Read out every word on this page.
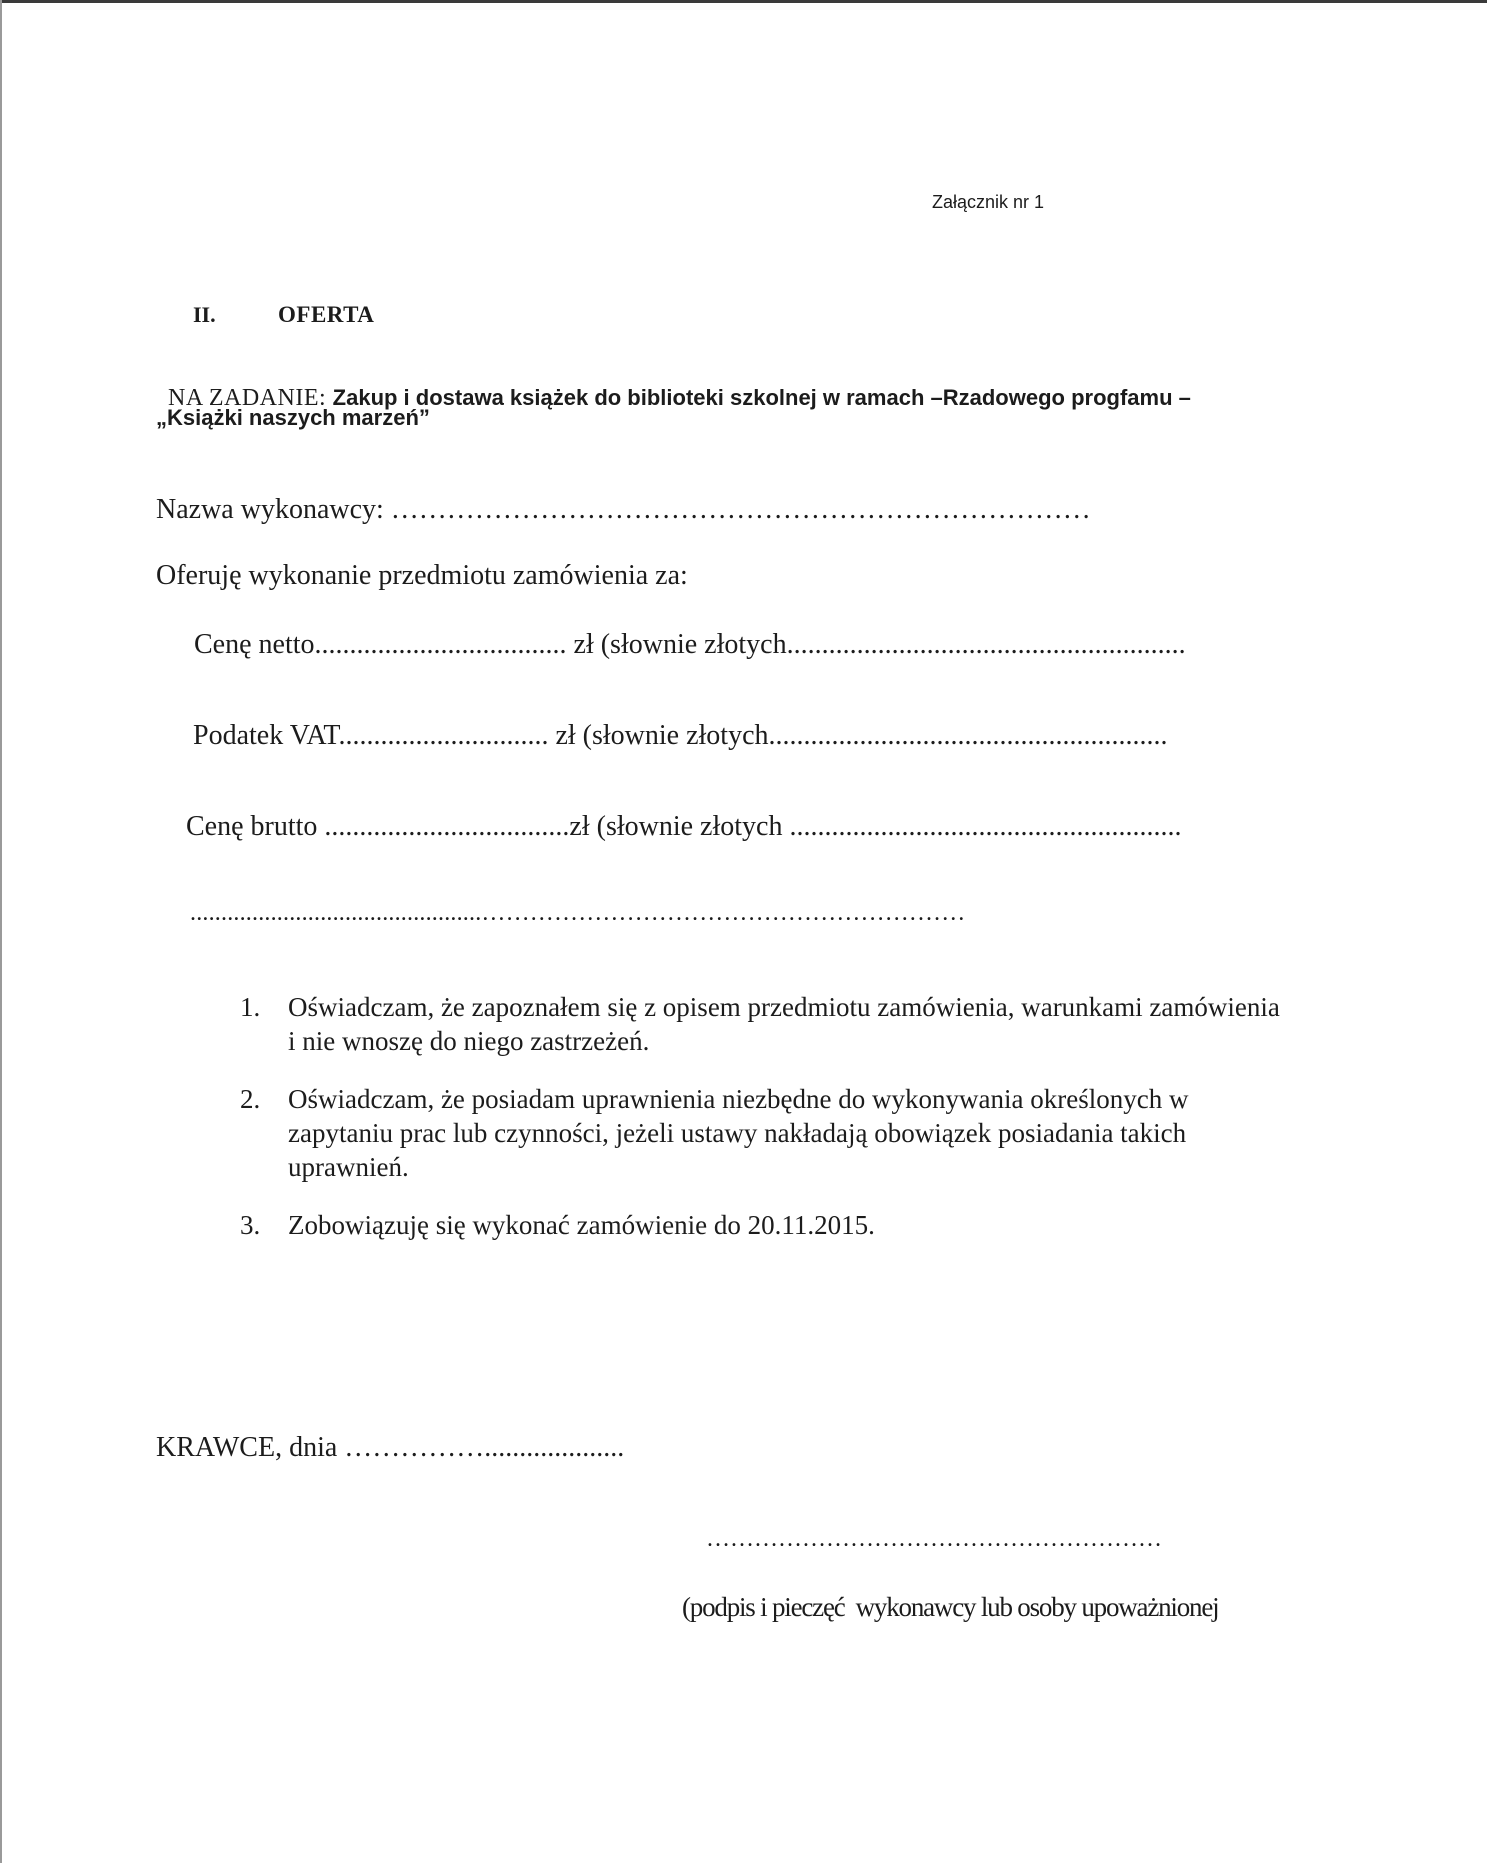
Załącznik nr 1
II.	OFERTA

NA ZADANIE: Zakup i dostawa książek do biblioteki szkolnej w ramach –Rzadowego progfamu –

„Książki naszych marzeń”
Nazwa wykonawcy: …………………………………………………………………
Oferuję wykonanie przedmiotu zamówienia za:
Cenę netto.................................... zł (słownie złotych.........................................................
Podatek VAT.............................. zł (słownie złotych.........................................................
Cenę brutto ...................................zł (słownie złotych ........................................................
...............................................……………………………………………………
1. Oświadczam, że zapoznałem się z opisem przedmiotu zamówienia, warunkami zamówienia i nie wnoszę do niego zastrzeżeń.
2. Oświadczam, że posiadam uprawnienia niezbędne do wykonywania określonych w zapytaniu prac lub czynności, jeżeli ustawy nakładają obowiązek posiadania takich uprawnień.
3. Zobowiązuję się wykonać zamówienie do 20.11.2015.
KRAWCE, dnia ……………....................
…………………………………………………
(podpis i pieczęć  wykonawcy lub osoby upoważnionej
